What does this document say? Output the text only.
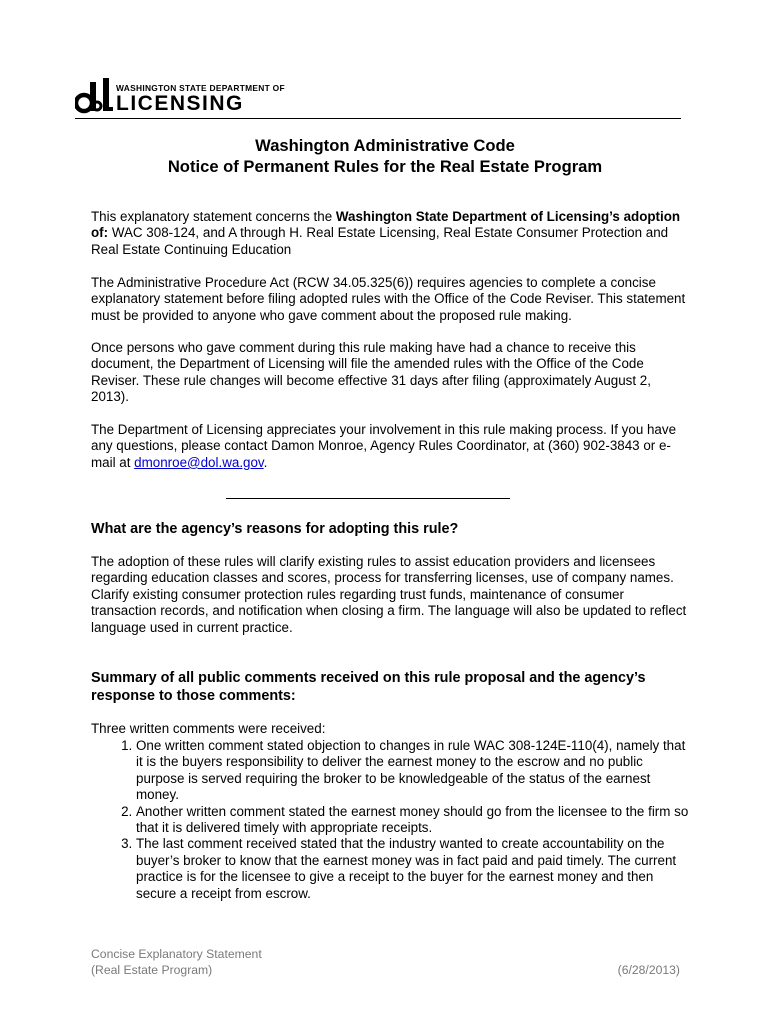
WASHINGTON STATE DEPARTMENT OF
LICENSING
Washington Administrative Code
Notice of Permanent Rules for the Real Estate Program

This explanatory statement concerns the Washington State Department of Licensing’s adoption of: WAC 308-124, and A through H. Real Estate Licensing, Real Estate Consumer Protection and Real Estate Continuing Education

The Administrative Procedure Act (RCW 34.05.325(6)) requires agencies to complete a concise explanatory statement before filing adopted rules with the Office of the Code Reviser. This statement must be provided to anyone who gave comment about the proposed rule making.

Once persons who gave comment during this rule making have had a chance to receive this document, the Department of Licensing will file the amended rules with the Office of the Code Reviser. These rule changes will become effective 31 days after filing (approximately August 2, 2013).

The Department of Licensing appreciates your involvement in this rule making process. If you have any questions, please contact Damon Monroe, Agency Rules Coordinator, at (360) 902-3843 or e-mail at dmonroe@dol.wa.gov.

What are the agency’s reasons for adopting this rule?

The adoption of these rules will clarify existing rules to assist education providers and licensees regarding education classes and scores, process for transferring licenses, use of company names. Clarify existing consumer protection rules regarding trust funds, maintenance of consumer transaction records, and notification when closing a firm. The language will also be updated to reflect language used in current practice.

Summary of all public comments received on this rule proposal and the agency’s response to those comments:

Three written comments were received:

1. One written comment stated objection to changes in rule WAC 308-124E-110(4), namely that it is the buyers responsibility to deliver the earnest money to the escrow and no public purpose is served requiring the broker to be knowledgeable of the status of the earnest money.
2. Another written comment stated the earnest money should go from the licensee to the firm so that it is delivered timely with appropriate receipts.
3. The last comment received stated that the industry wanted to create accountability on the buyer’s broker to know that the earnest money was in fact paid and paid timely. The current practice is for the licensee to give a receipt to the buyer for the earnest money and then secure a receipt from escrow.
Concise Explanatory Statement
(Real Estate Program)	(6/28/2013)
